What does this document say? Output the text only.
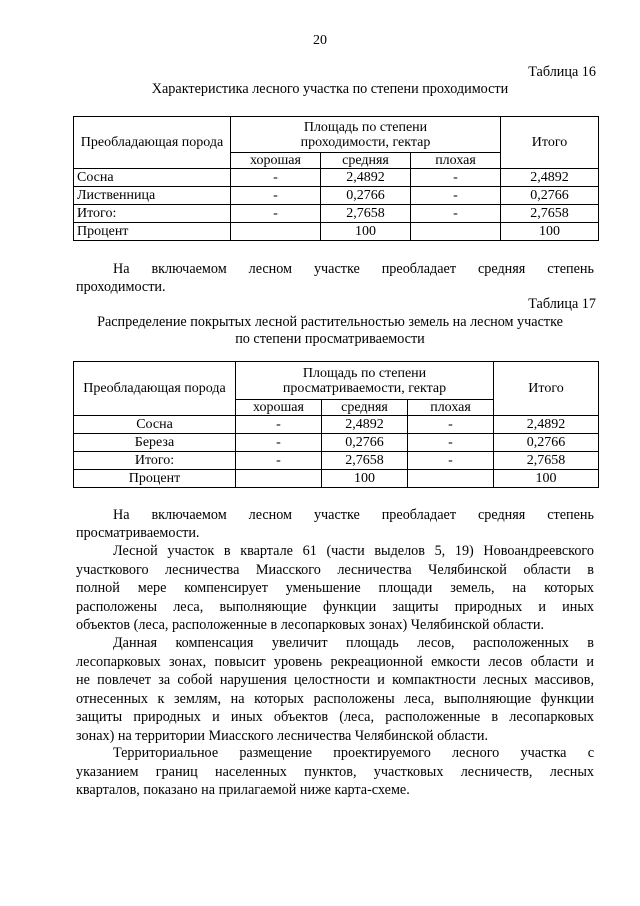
20
Таблица 16
Характеристика лесного участка по степени проходимости
Преобладающая порода	Площадь по степени проходимости, гектар			Итого
	хорошая	средняя	плохая	
Сосна	-	2,4892	-	2,4892
Лиственница	-	0,2766	-	0,2766
Итого:	-	2,7658	-	2,7658
Процент		100		100
На включаемом лесном участке преобладает средняя степень
проходимости.
Таблица 17
Распределение покрытых лесной растительностью земель на лесном участке
по степени просматриваемости
Преобладающая порода	Площадь по степени просматриваемости, гектар			Итого
	хорошая	средняя	плохая	
Сосна	-	2,4892	-	2,4892
Береза	-	0,2766	-	0,2766
Итого:	-	2,7658	-	2,7658
Процент		100		100
На включаемом лесном участке преобладает средняя степень
просматриваемости.
Лесной участок в квартале 61 (части выделов 5, 19) Новоандреевского
участкового лесничества Миасского лесничества Челябинской области в
полной мере компенсирует уменьшение площади земель, на которых
расположены леса, выполняющие функции защиты природных и иных
объектов (леса, расположенные в лесопарковых зонах) Челябинской области.
Данная компенсация увеличит площадь лесов, расположенных в
лесопарковых зонах, повысит уровень рекреационной емкости лесов области и
не повлечет за собой нарушения целостности и компактности лесных массивов,
отнесенных к землям, на которых расположены леса, выполняющие функции
защиты природных и иных объектов (леса, расположенные в лесопарковых
зонах) на территории Миасского лесничества Челябинской области.
Территориальное размещение проектируемого лесного участка с
указанием границ населенных пунктов, участковых лесничеств, лесных
кварталов, показано на прилагаемой ниже карта-схеме.
